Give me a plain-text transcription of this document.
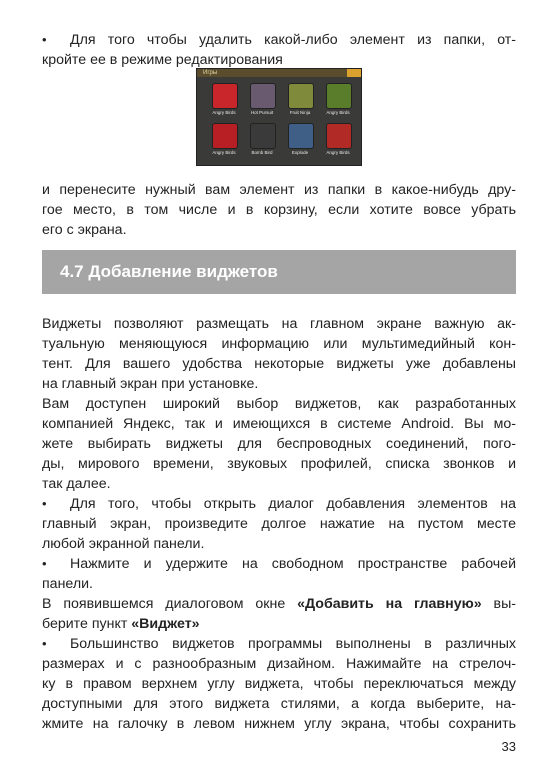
•	Для того чтобы удалить какой-либо элемент из папки, от-
кройте ее в режиме редактирования
Игры
Angry Birds	Hot Pursuit	Fruit Ninja	Angry Birds
Angry Birds	Bomb Bird	Explode	Angry Birds
и перенесите нужный вам элемент из папки в какое-нибудь дру-
гое место, в том числе и в корзину, если хотите вовсе убрать
его с экрана.
4.7 Добавление виджетов
Виджеты позволяют размещать на главном экране важную ак-
туальную меняющуюся информацию или мультимедийный кон-
тент. Для вашего удобства некоторые виджеты уже добавлены
на главный экран при установке.
Вам доступен широкий выбор виджетов, как разработанных
компанией Яндекс, так и имеющихся в системе Android. Вы мо-
жете выбирать виджеты для беспроводных соединений, пого-
ды, мирового времени, звуковых профилей, списка звонков и
так далее.
•	Для того, чтобы открыть диалог добавления элементов на
главный экран, произведите долгое нажатие на пустом месте
любой экранной панели.
•	Нажмите и удержите на свободном пространстве рабочей
панели.
В появившемся диалоговом окне «Добавить на главную» вы-
берите пункт «Виджет»
•	Большинство виджетов программы выполнены в различных
размерах и с разнообразным дизайном. Нажимайте на стрелоч-
ку в правом верхнем углу виджета, чтобы переключаться между
доступными для этого виджета стилями, а когда выберите, на-
жмите на галочку в левом нижнем углу экрана, чтобы сохранить
33
